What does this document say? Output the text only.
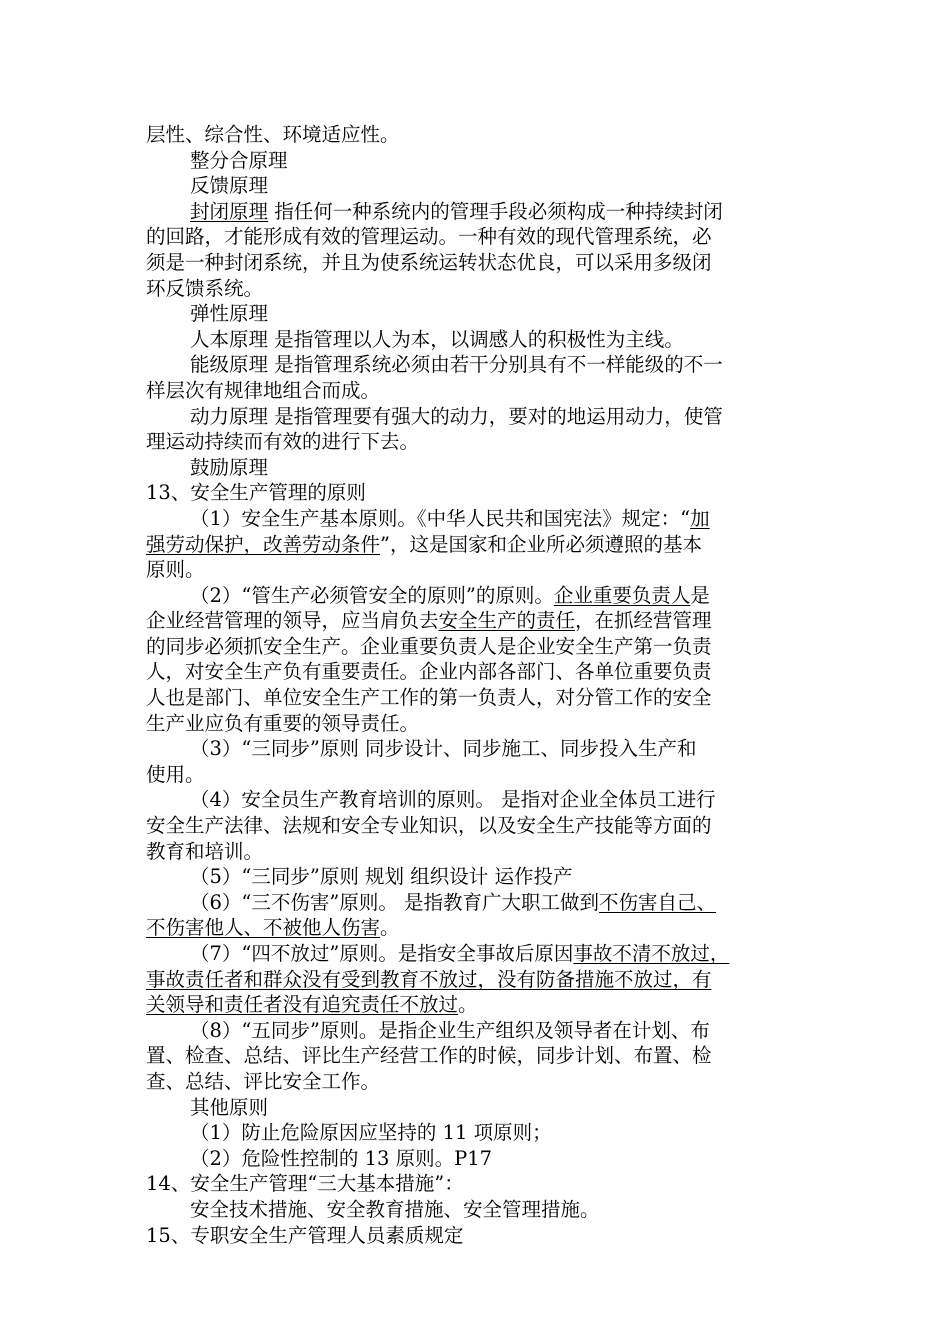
层性、综合性、环境适应性。
整分合原理
反馈原理
封闭原理 指任何一种系统内的管理手段必须构成一种持续封闭
的回路，才能形成有效的管理运动。一种有效的现代管理系统，必
须是一种封闭系统，并且为使系统运转状态优良，可以采用多级闭
环反馈系统。
弹性原理
人本原理 是指管理以人为本，以调感人的积极性为主线。
能级原理 是指管理系统必须由若干分别具有不一样能级的不一
样层次有规律地组合而成。
动力原理 是指管理要有强大的动力，要对的地运用动力，使管
理运动持续而有效的进行下去。
鼓励原理
13、安全生产管理的原则
（1）安全生产基本原则。《中华人民共和国宪法》规定：“加
强劳动保护，改善劳动条件”，这是国家和企业所必须遵照的基本
原则。
（2）“管生产必须管安全的原则”的原则。企业重要负责人是
企业经营管理的领导，应当肩负去安全生产的责任，在抓经营管理
的同步必须抓安全生产。企业重要负责人是企业安全生产第一负责
人，对安全生产负有重要责任。企业内部各部门、各单位重要负责
人也是部门、单位安全生产工作的第一负责人，对分管工作的安全
生产业应负有重要的领导责任。
（3）“三同步”原则 同步设计、同步施工、同步投入生产和
使用。
（4）安全员生产教育培训的原则。 是指对企业全体员工进行
安全生产法律、法规和安全专业知识，以及安全生产技能等方面的
教育和培训。
（5）“三同步”原则 规划 组织设计 运作投产
（6）“三不伤害”原则。 是指教育广大职工做到不伤害自己、
不伤害他人、不被他人伤害。
（7）“四不放过”原则。是指安全事故后原因事故不清不放过，
事故责任者和群众没有受到教育不放过，没有防备措施不放过，有
关领导和责任者没有追究责任不放过。
（8）“五同步”原则。是指企业生产组织及领导者在计划、布
置、检查、总结、评比生产经营工作的时候，同步计划、布置、检
查、总结、评比安全工作。
其他原则
（1）防止危险原因应坚持的 11 项原则；
（2）危险性控制的 13 原则。P17
14、安全生产管理“三大基本措施”：
安全技术措施、安全教育措施、安全管理措施。
15、专职安全生产管理人员素质规定
